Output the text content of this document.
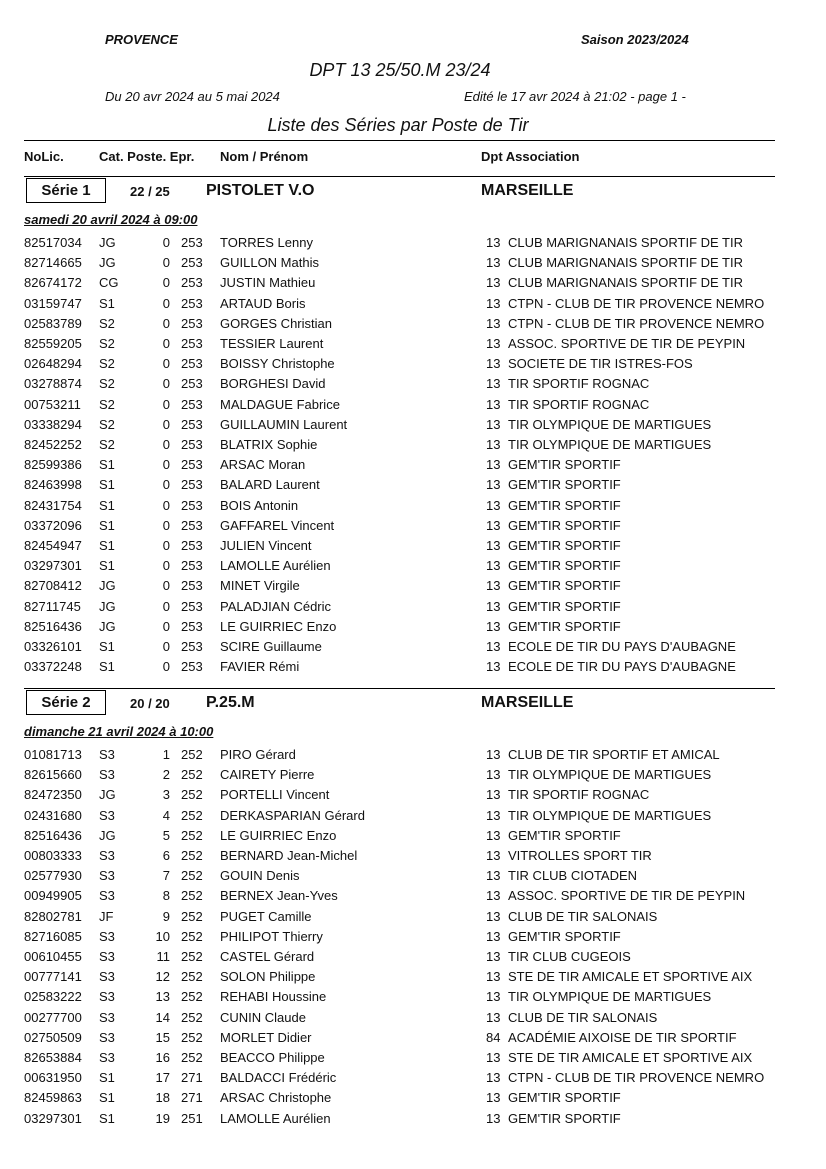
PROVENCE	Saison 2023/2024
DPT 13 25/50.M 23/24
Du 20 avr 2024 au 5 mai 2024	Edité le 17 avr 2024 à 21:02 - page 1 -
Liste des Séries par Poste de Tir
NoLic.	Cat. Poste. Epr. Nom / Prénom	Dpt Association
Série 1	22 / 25 PISTOLET V.O	MARSEILLE
samedi 20 avril 2024 à 09:00
82517034 JG	0 253 TORRES Lenny	13 CLUB MARIGNANAIS SPORTIF DE TIR
82714665 JG	0 253 GUILLON Mathis	13 CLUB MARIGNANAIS SPORTIF DE TIR
82674172 CG	0 253 JUSTIN Mathieu	13 CLUB MARIGNANAIS SPORTIF DE TIR
03159747 S1	0 253 ARTAUD Boris	13 CTPN - CLUB DE TIR PROVENCE NEMRO
02583789 S2	0 253 GORGES Christian	13 CTPN - CLUB DE TIR PROVENCE NEMRO
82559205 S2	0 253 TESSIER Laurent	13 ASSOC. SPORTIVE DE TIR DE PEYPIN
02648294 S2	0 253 BOISSY Christophe	13 SOCIETE DE TIR ISTRES-FOS
03278874 S2	0 253 BORGHESI David	13 TIR SPORTIF ROGNAC
00753211 S2	0 253 MALDAGUE Fabrice	13 TIR SPORTIF ROGNAC
03338294 S2	0 253 GUILLAUMIN Laurent	13 TIR OLYMPIQUE DE MARTIGUES
82452252 S2	0 253 BLATRIX Sophie	13 TIR OLYMPIQUE DE MARTIGUES
82599386 S1	0 253 ARSAC Moran	13 GEM'TIR SPORTIF
82463998 S1	0 253 BALARD Laurent	13 GEM'TIR SPORTIF
82431754 S1	0 253 BOIS Antonin	13 GEM'TIR SPORTIF
03372096 S1	0 253 GAFFAREL Vincent	13 GEM'TIR SPORTIF
82454947 S1	0 253 JULIEN Vincent	13 GEM'TIR SPORTIF
03297301 S1	0 253 LAMOLLE Aurélien	13 GEM'TIR SPORTIF
82708412 JG	0 253 MINET Virgile	13 GEM'TIR SPORTIF
82711745 JG	0 253 PALADJIAN Cédric	13 GEM'TIR SPORTIF
82516436 JG	0 253 LE GUIRRIEC Enzo	13 GEM'TIR SPORTIF
03326101 S1	0 253 SCIRE Guillaume	13 ECOLE DE TIR DU PAYS D'AUBAGNE
03372248 S1	0 253 FAVIER Rémi	13 ECOLE DE TIR DU PAYS D'AUBAGNE
Série 2	20 / 20 P.25.M	MARSEILLE
dimanche 21 avril 2024 à 10:00
01081713 S3	1 252 PIRO Gérard	13 CLUB DE TIR SPORTIF ET AMICAL
82615660 S3	2 252 CAIRETY Pierre	13 TIR OLYMPIQUE DE MARTIGUES
82472350 JG	3 252 PORTELLI Vincent	13 TIR SPORTIF ROGNAC
02431680 S3	4 252 DERKASPARIAN Gérard	13 TIR OLYMPIQUE DE MARTIGUES
82516436 JG	5 252 LE GUIRRIEC Enzo	13 GEM'TIR SPORTIF
00803333 S3	6 252 BERNARD Jean-Michel	13 VITROLLES SPORT TIR
02577930 S3	7 252 GOUIN Denis	13 TIR CLUB CIOTADEN
00949905 S3	8 252 BERNEX Jean-Yves	13 ASSOC. SPORTIVE DE TIR DE PEYPIN
82802781 JF	9 252 PUGET Camille	13 CLUB DE TIR SALONAIS
82716085 S3	10 252 PHILIPOT Thierry	13 GEM'TIR SPORTIF
00610455 S3	11 252 CASTEL Gérard	13 TIR CLUB CUGEOIS
00777141 S3	12 252 SOLON Philippe	13 STE DE TIR AMICALE ET SPORTIVE AIX
02583222 S3	13 252 REHABI Houssine	13 TIR OLYMPIQUE DE MARTIGUES
00277700 S3	14 252 CUNIN Claude	13 CLUB DE TIR SALONAIS
02750509 S3	15 252 MORLET Didier	84 ACADÉMIE AIXOISE DE TIR SPORTIF
82653884 S3	16 252 BEACCO Philippe	13 STE DE TIR AMICALE ET SPORTIVE AIX
00631950 S1	17 271 BALDACCI Frédéric	13 CTPN - CLUB DE TIR PROVENCE NEMRO
82459863 S1	18 271 ARSAC Christophe	13 GEM'TIR SPORTIF
03297301 S1	19 251 LAMOLLE Aurélien	13 GEM'TIR SPORTIF
